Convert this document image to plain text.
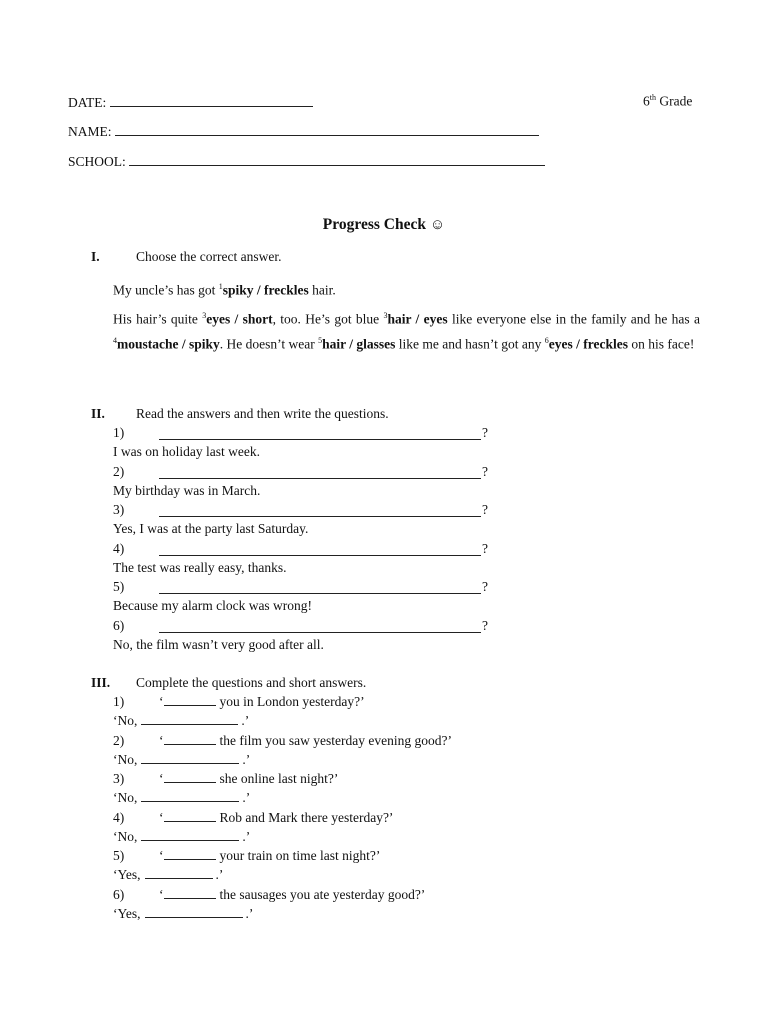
DATE:
NAME:
SCHOOL:
6th Grade
Progress Check ☺
I.	Choose the correct answer.
My uncle’s has got $^1$spiky / freckles hair.
His hair’s quite $^3$eyes / short, too. He’s got blue $^3$hair / eyes like everyone else in the family and he has a $^4$moustache / spiky. He doesn’t wear $^5$hair / glasses like me and hasn’t got any $^6$eyes / freckles on his face!
II. Read the answers and then write the questions.
1)	?
I was on holiday last week.
2)	?
My birthday was in March.
3)	?
Yes, I was at the party last Saturday.
4)	?
The test was really easy, thanks.
5)	?
Because my alarm clock was wrong!
6)	?
No, the film wasn’t very good after all.
III. Complete the questions and short answers.
1)	‘	you in London yesterday?’
‘No,	.’
2)	‘	the film you saw yesterday evening good?’
‘No,	.’
3)	‘	she online last night?’
‘No,	.’
4)	‘	Rob and Mark there yesterday?’
‘No,	.’
5)	‘	your train on time last night?’
‘Yes,	.’
6)	‘	the sausages you ate yesterday good?’
‘Yes,	.’
